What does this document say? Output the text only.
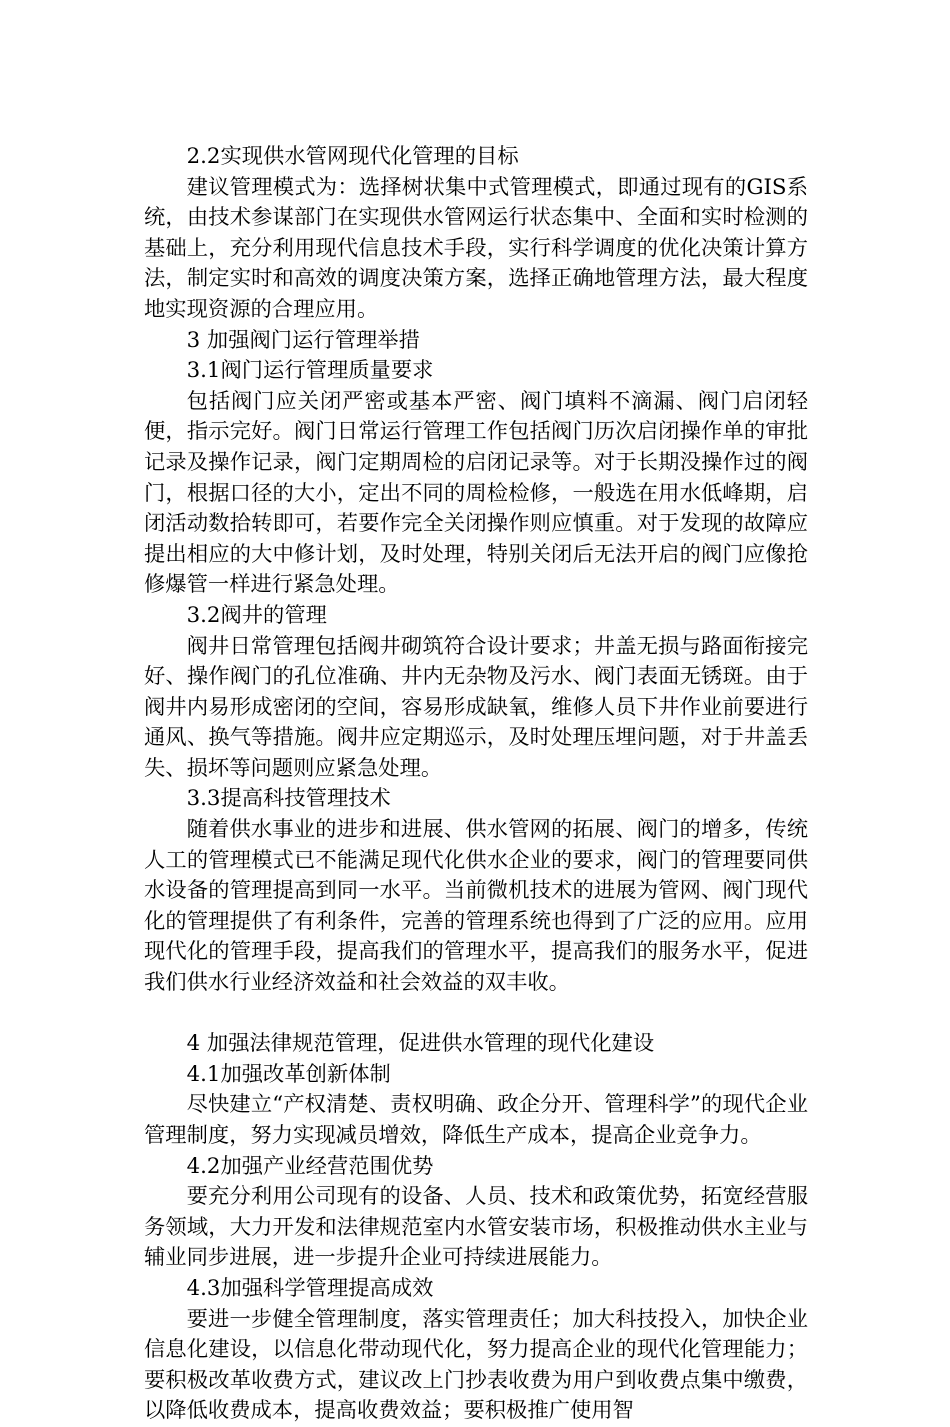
2.2实现供水管网现代化管理的目标

建议管理模式为：选择树状集中式管理模式，即通过现有的GIS系统，由技术参谋部门在实现供水管网运行状态集中、全面和实时检测的基础上，充分利用现代信息技术手段，实行科学调度的优化决策计算方法，制定实时和高效的调度决策方案，选择正确地管理方法，最大程度地实现资源的合理应用。

3 加强阀门运行管理举措

3.1阀门运行管理质量要求

包括阀门应关闭严密或基本严密、阀门填料不滴漏、阀门启闭轻便，指示完好。阀门日常运行管理工作包括阀门历次启闭操作单的审批记录及操作记录，阀门定期周检的启闭记录等。对于长期没操作过的阀门，根据口径的大小，定出不同的周检检修，一般选在用水低峰期，启闭活动数拾转即可，若要作完全关闭操作则应慎重。对于发现的故障应提出相应的大中修计划，及时处理，特别关闭后无法开启的阀门应像抢修爆管一样进行紧急处理。

3.2阀井的管理

阀井日常管理包括阀井砌筑符合设计要求；井盖无损与路面衔接完好、操作阀门的孔位准确、井内无杂物及污水、阀门表面无锈斑。由于阀井内易形成密闭的空间，容易形成缺氧，维修人员下井作业前要进行通风、换气等措施。阀井应定期巡示，及时处理压埋问题，对于井盖丢失、损坏等问题则应紧急处理。

3.3提高科技管理技术

随着供水事业的进步和进展、供水管网的拓展、阀门的增多，传统人工的管理模式已不能满足现代化供水企业的要求，阀门的管理要同供水设备的管理提高到同一水平。当前微机技术的进展为管网、阀门现代化的管理提供了有利条件，完善的管理系统也得到了广泛的应用。应用现代化的管理手段，提高我们的管理水平，提高我们的服务水平，促进我们供水行业经济效益和社会效益的双丰收。

4 加强法律规范管理，促进供水管理的现代化建设

4.1加强改革创新体制

尽快建立“产权清楚、责权明确、政企分开、管理科学”的现代企业管理制度，努力实现减员增效，降低生产成本，提高企业竞争力。

4.2加强产业经营范围优势

要充分利用公司现有的设备、人员、技术和政策优势，拓宽经营服务领域，大力开发和法律规范室内水管安装市场，积极推动供水主业与辅业同步进展，进一步提升企业可持续进展能力。

4.3加强科学管理提高成效

要进一步健全管理制度，落实管理责任；加大科技投入，加快企业信息化建设，以信息化带动现代化，努力提高企业的现代化管理能力；要积极改革收费方式，建议改上门抄表收费为用户到收费点集中缴费，以降低收费成本，提高收费效益；要积极推广使用智
